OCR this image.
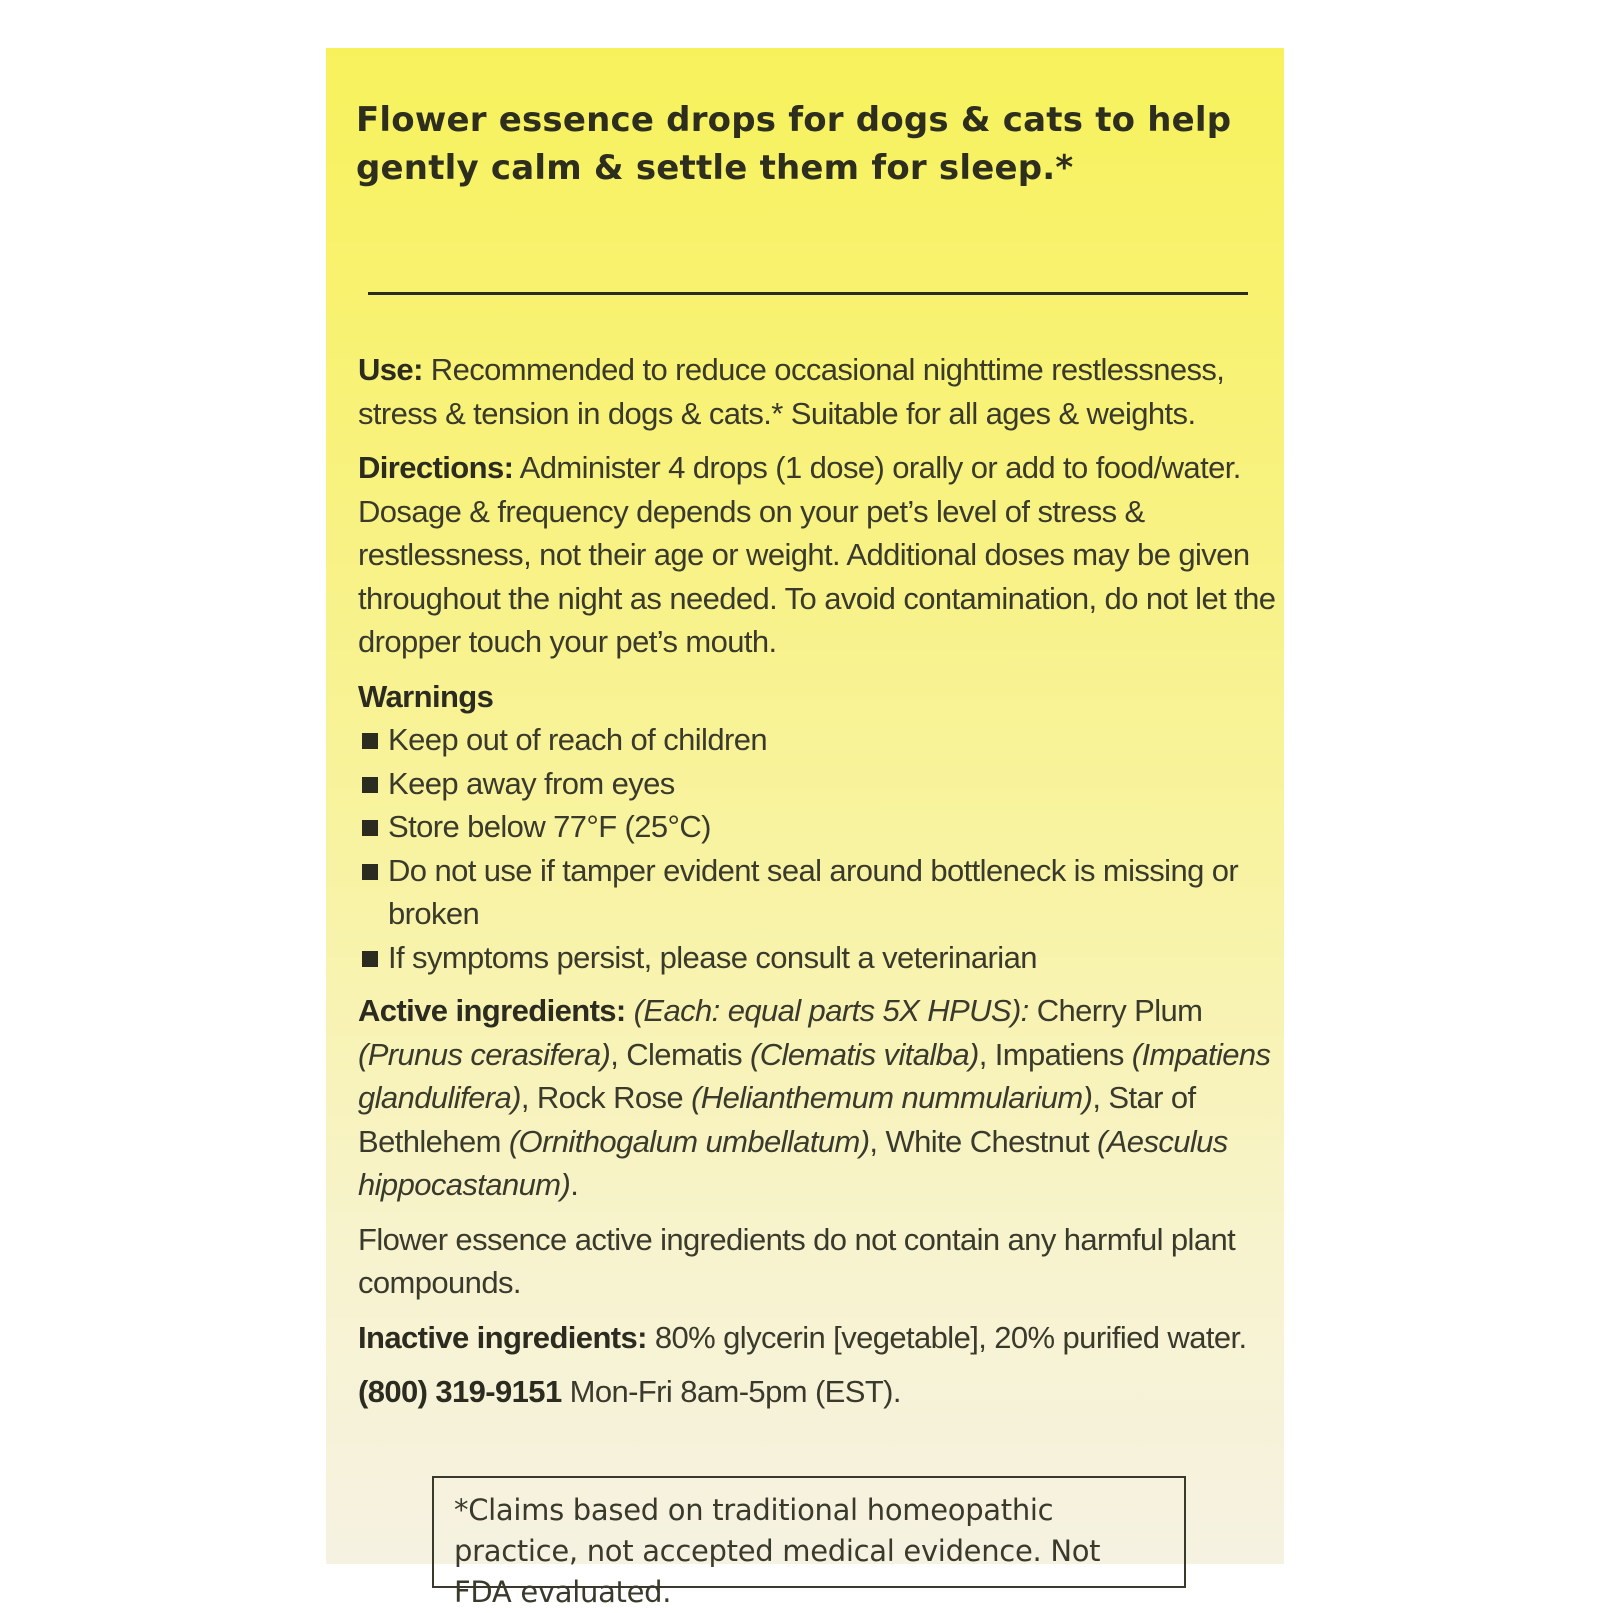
Flower essence drops for dogs & cats to help gently calm & settle them for sleep.*

Use: Recommended to reduce occasional nighttime restlessness, stress & tension in dogs & cats.* Suitable for all ages & weights.

Directions: Administer 4 drops (1 dose) orally or add to food/water. Dosage & frequency depends on your pet’s level of stress & restlessness, not their age or weight. Additional doses may be given throughout the night as needed. To avoid contamination, do not let the dropper touch your pet’s mouth.

Warnings

Keep out of reach of children
Keep away from eyes
Store below 77°F (25°C)
Do not use if tamper evident seal around bottleneck is missing or broken
If symptoms persist, please consult a veterinarian

Active ingredients: (Each: equal parts 5X HPUS): Cherry Plum (Prunus cerasifera), Clematis (Clematis vitalba), Impatiens (Impatiens glandulifera), Rock Rose (Helianthemum nummularium), Star of Bethlehem (Ornithogalum umbellatum), White Chestnut (Aesculus hippocastanum).

Flower essence active ingredients do not contain any harmful plant compounds.

Inactive ingredients: 80% glycerin [vegetable], 20% purified water.

(800) 319-9151 Mon-Fri 8am-5pm (EST).

*Claims based on traditional homeopathic practice, not accepted medical evidence. Not FDA evaluated.
